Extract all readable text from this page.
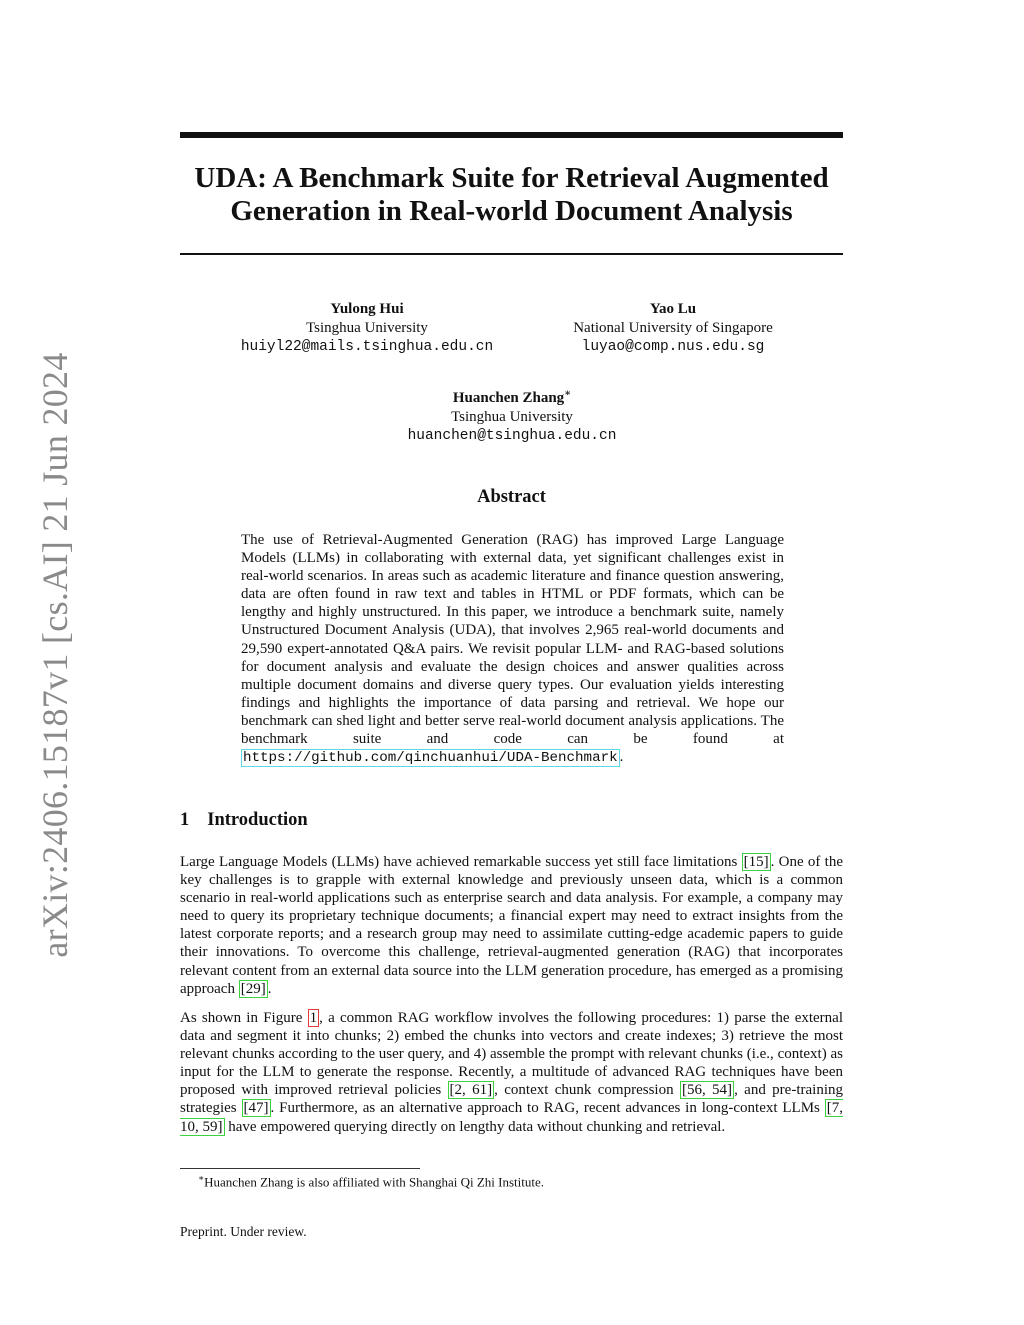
arXiv:2406.15187v1 [cs.AI] 21 Jun 2024
UDA: A Benchmark Suite for Retrieval Augmented
Generation in Real-world Document Analysis
Yulong Hui
Tsinghua University
huiyl22@mails.tsinghua.edu.cn
Yao Lu
National University of Singapore
luyao@comp.nus.edu.sg
Huanchen Zhang∗
Tsinghua University
huanchen@tsinghua.edu.cn
Abstract
The use of Retrieval-Augmented Generation (RAG) has improved Large Language Models (LLMs) in collaborating with external data, yet significant challenges exist in real-world scenarios. In areas such as academic literature and finance question answering, data are often found in raw text and tables in HTML or PDF formats, which can be lengthy and highly unstructured. In this paper, we introduce a benchmark suite, namely Unstructured Document Analysis (UDA), that involves 2,965 real-world documents and 29,590 expert-annotated Q&A pairs. We revisit popular LLM- and RAG-based solutions for document analysis and evaluate the design choices and answer qualities across multiple document domains and diverse query types. Our evaluation yields interesting findings and highlights the importance of data parsing and retrieval. We hope our benchmark can shed light and better serve real-world document analysis applications. The benchmark suite and code can be found at https://github.com/qinchuanhui/UDA-Benchmark .
1 Introduction
Large Language Models (LLMs) have achieved remarkable success yet still face limitations [15] . One of the key challenges is to grapple with external knowledge and previously unseen data, which is a common scenario in real-world applications such as enterprise search and data analysis. For example, a company may need to query its proprietary technique documents; a financial expert may need to extract insights from the latest corporate reports; and a research group may need to assimilate cutting-edge academic papers to guide their innovations. To overcome this challenge, retrieval-augmented generation (RAG) that incorporates relevant content from an external data source into the LLM generation procedure, has emerged as a promising approach [29] .
As shown in Figure 1 , a common RAG workflow involves the following procedures: 1) parse the external data and segment it into chunks; 2) embed the chunks into vectors and create indexes; 3) retrieve the most relevant chunks according to the user query, and 4) assemble the prompt with relevant chunks (i.e., context) as input for the LLM to generate the response. Recently, a multitude of advanced RAG techniques have been proposed with improved retrieval policies [2, 61] , context chunk compression [56, 54] , and pre-training strategies [47] . Furthermore, as an alternative approach to RAG, recent advances in long-context LLMs [7, 10, 59] have empowered querying directly on lengthy data without chunking and retrieval.
∗Huanchen Zhang is also affiliated with Shanghai Qi Zhi Institute.
Preprint. Under review.
